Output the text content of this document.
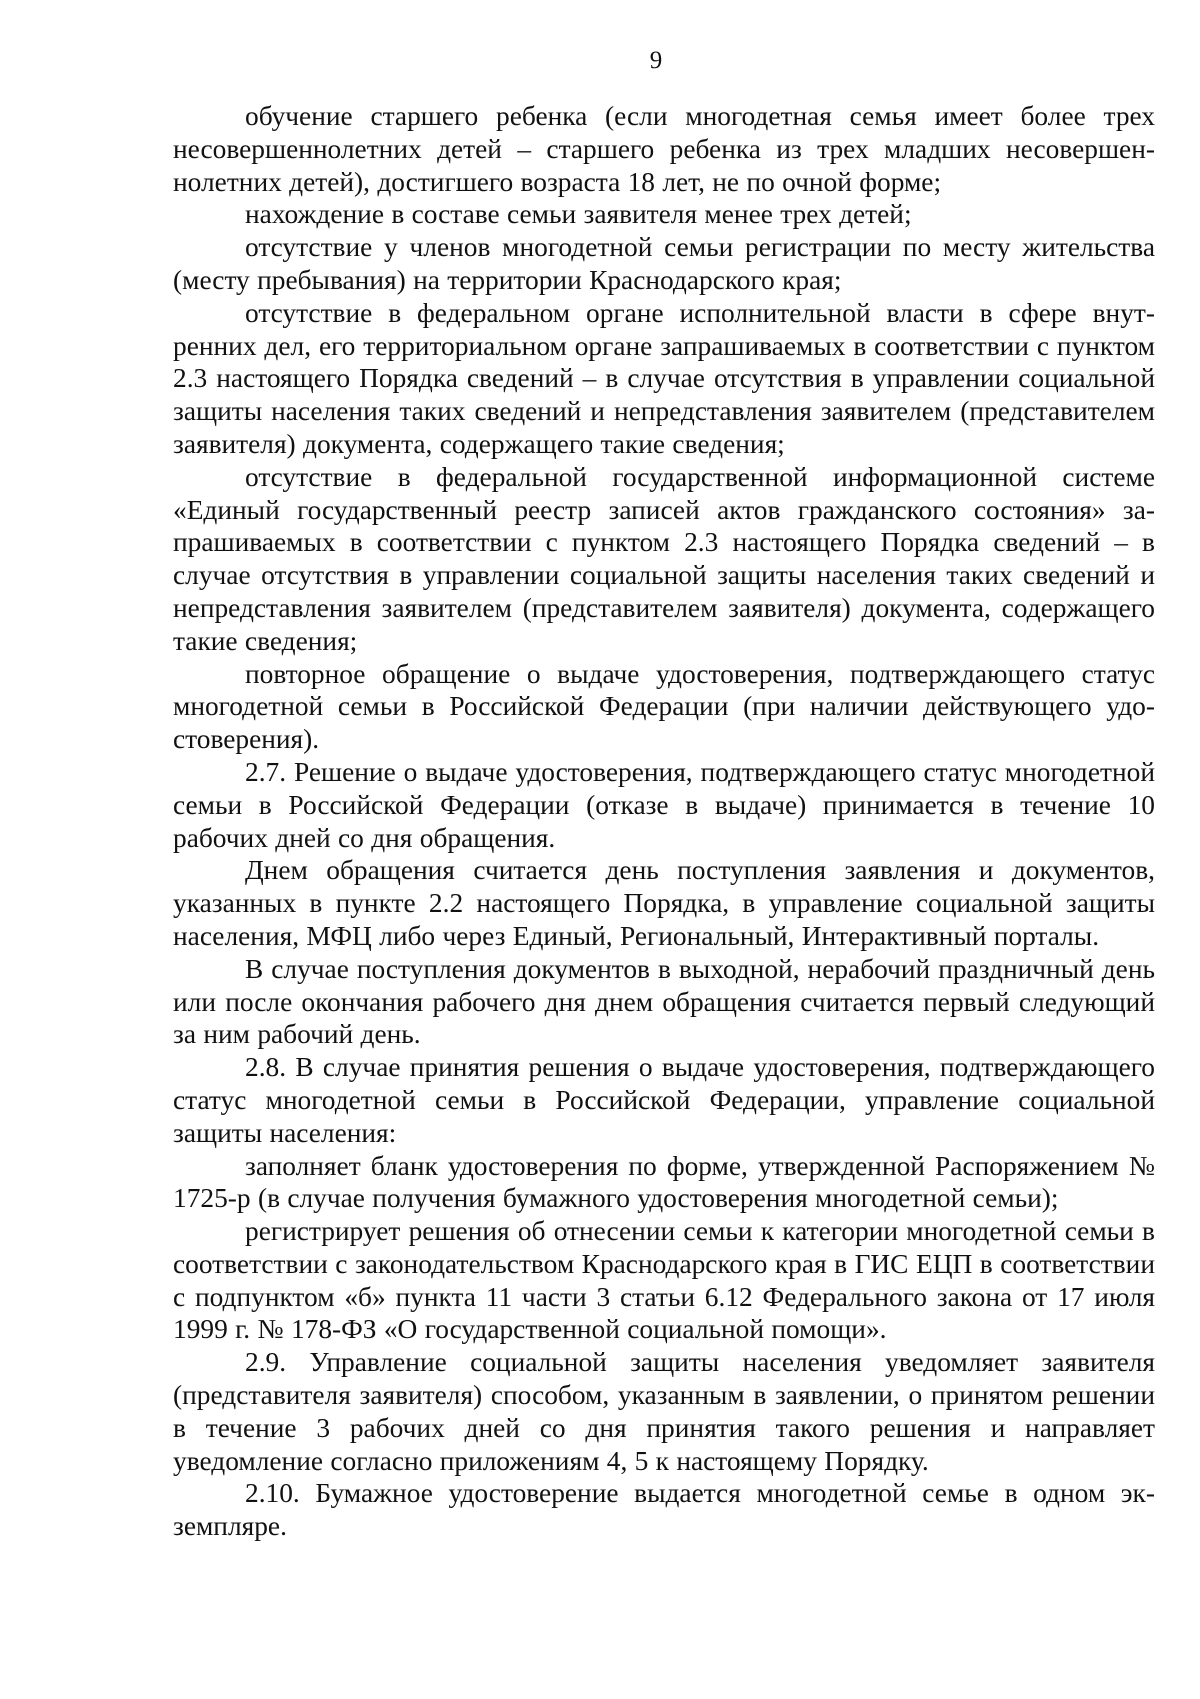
9

обучение старшего ребенка (если многодетная семья имеет более трех несовершеннолетних детей – старшего ребенка из трех младших несовершеннолетних детей), достигшего возраста 18 лет, не по очной форме;

нахождение в составе семьи заявителя менее трех детей;

отсутствие у членов многодетной семьи регистрации по месту жительства (месту пребывания) на территории Краснодарского края;

отсутствие в федеральном органе исполнительной власти в сфере внутренних дел, его территориальном органе запрашиваемых в соответствии с пунктом 2.3 настоящего Порядка сведений – в случае отсутствия в управлении социальной защиты населения таких сведений и непредставления заявителем (представителем заявителя) документа, содержащего такие сведения;

отсутствие в федеральной государственной информационной системе «Единый государственный реестр записей актов гражданского состояния» запрашиваемых в соответствии с пунктом 2.3 настоящего Порядка сведений – в случае отсутствия в управлении социальной защиты населения таких сведений и непредставления заявителем (представителем заявителя) документа, содержащего такие сведения;

повторное обращение о выдаче удостоверения, подтверждающего статус многодетной семьи в Российской Федерации (при наличии действующего удостоверения).

2.7. Решение о выдаче удостоверения, подтверждающего статус многодетной семьи в Российской Федерации (отказе в выдаче) принимается в течение 10 рабочих дней со дня обращения.

Днем обращения считается день поступления заявления и документов, указанных в пункте 2.2 настоящего Порядка, в управление социальной защиты населения, МФЦ либо через Единый, Региональный, Интерактивный порталы.

В случае поступления документов в выходной, нерабочий праздничный день или после окончания рабочего дня днем обращения считается первый следующий за ним рабочий день.

2.8. В случае принятия решения о выдаче удостоверения, подтверждающего статус многодетной семьи в Российской Федерации, управление социальной защиты населения:

заполняет бланк удостоверения по форме, утвержденной Распоряжением № 1725-р (в случае получения бумажного удостоверения многодетной семьи);

регистрирует решения об отнесении семьи к категории многодетной семьи в соответствии с законодательством Краснодарского края в ГИС ЕЦП в соответствии с подпунктом «б» пункта 11 части 3 статьи 6.12 Федерального закона от 17 июля 1999 г. № 178-ФЗ «О государственной социальной помощи».

2.9. Управление социальной защиты населения уведомляет заявителя (представителя заявителя) способом, указанным в заявлении, о принятом решении в течение 3 рабочих дней со дня принятия такого решения и направляет уведомление согласно приложениям 4, 5 к настоящему Порядку.

2.10. Бумажное удостоверение выдается многодетной семье в одном экземпляре.
